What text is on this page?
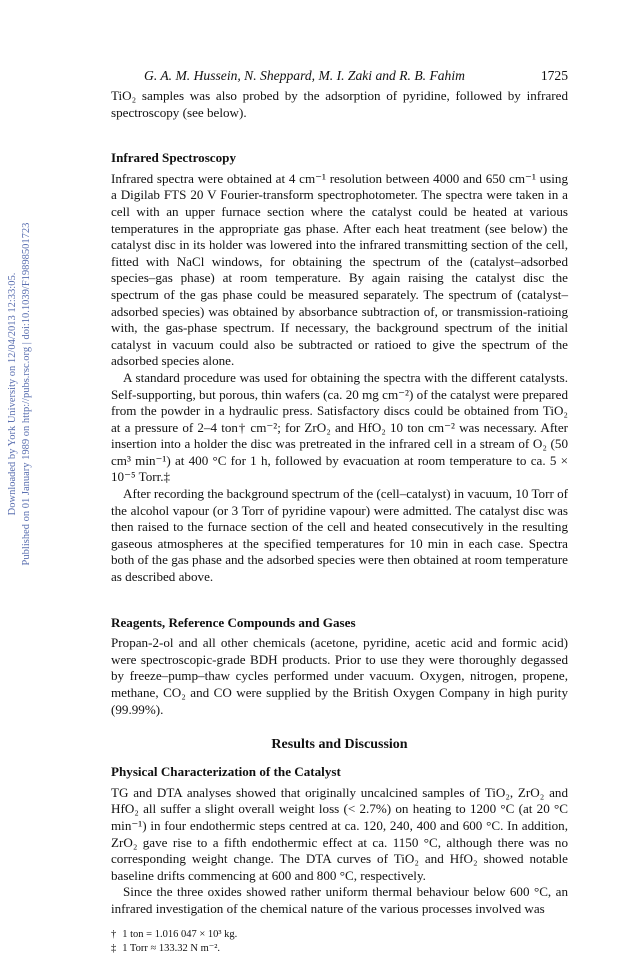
Downloaded by York University on 12/04/2013 12:33:05. Published on 01 January 1989 on http://pubs.rsc.org | doi:10.1039/F19898501723
G. A. M. Hussein, N. Sheppard, M. I. Zaki and R. B. Fahim	1725

TiO₂ samples was also probed by the adsorption of pyridine, followed by infrared spectroscopy (see below).

Infrared Spectroscopy

Infrared spectra were obtained at 4 cm⁻¹ resolution between 4000 and 650 cm⁻¹ using a Digilab FTS 20 V Fourier-transform spectrophotometer. The spectra were taken in a cell with an upper furnace section where the catalyst could be heated at various temperatures in the appropriate gas phase. After each heat treatment (see below) the catalyst disc in its holder was lowered into the infrared transmitting section of the cell, fitted with NaCl windows, for obtaining the spectrum of the (catalyst–adsorbed species–gas phase) at room temperature. By again raising the catalyst disc the spectrum of the gas phase could be measured separately. The spectrum of (catalyst–adsorbed species) was obtained by absorbance subtraction of, or transmission-ratioing with, the gas-phase spectrum. If necessary, the background spectrum of the initial catalyst in vacuum could also be subtracted or ratioed to give the spectrum of the adsorbed species alone.

A standard procedure was used for obtaining the spectra with the different catalysts. Self-supporting, but porous, thin wafers (ca. 20 mg cm⁻²) of the catalyst were prepared from the powder in a hydraulic press. Satisfactory discs could be obtained from TiO₂ at a pressure of 2–4 ton† cm⁻²; for ZrO₂ and HfO₂ 10 ton cm⁻² was necessary. After insertion into a holder the disc was pretreated in the infrared cell in a stream of O₂ (50 cm³ min⁻¹) at 400 °C for 1 h, followed by evacuation at room temperature to ca. 5 × 10⁻⁵ Torr.‡

After recording the background spectrum of the (cell–catalyst) in vacuum, 10 Torr of the alcohol vapour (or 3 Torr of pyridine vapour) were admitted. The catalyst disc was then raised to the furnace section of the cell and heated consecutively in the resulting gaseous atmospheres at the specified temperatures for 10 min in each case. Spectra both of the gas phase and the adsorbed species were then obtained at room temperature as described above.

Reagents, Reference Compounds and Gases

Propan-2-ol and all other chemicals (acetone, pyridine, acetic acid and formic acid) were spectroscopic-grade BDH products. Prior to use they were thoroughly degassed by freeze–pump–thaw cycles performed under vacuum. Oxygen, nitrogen, propene, methane, CO₂ and CO were supplied by the British Oxygen Company in high purity (99.99%).

Results and Discussion
Physical Characterization of the Catalyst

TG and DTA analyses showed that originally uncalcined samples of TiO₂, ZrO₂ and HfO₂ all suffer a slight overall weight loss (< 2.7%) on heating to 1200 °C (at 20 °C min⁻¹) in four endothermic steps centred at ca. 120, 240, 400 and 600 °C. In addition, ZrO₂ gave rise to a fifth endothermic effect at ca. 1150 °C, although there was no corresponding weight change. The DTA curves of TiO₂ and HfO₂ showed notable baseline drifts commencing at 600 and 800 °C, respectively.

Since the three oxides showed rather uniform thermal behaviour below 600 °C, an infrared investigation of the chemical nature of the various processes involved was

† 1 ton = 1.016 047 × 10³ kg.
‡ 1 Torr ≈ 133.32 N m⁻².
